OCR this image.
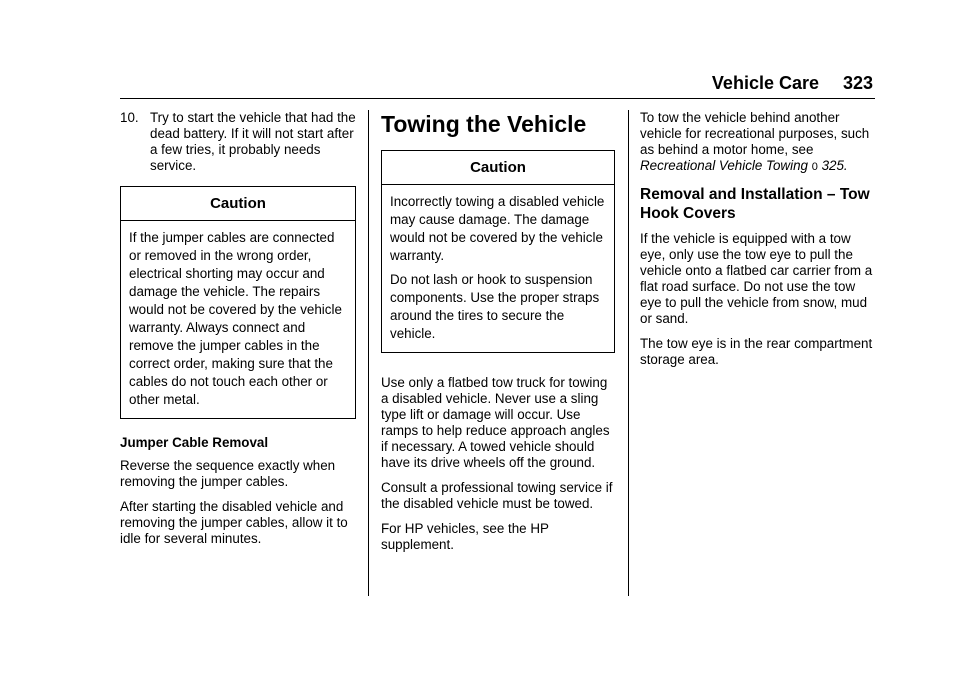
Vehicle Care 323
10. Try to start the vehicle that had the dead battery. If it will not start after a few tries, it probably needs service.
Caution

If the jumper cables are connected or removed in the wrong order, electrical shorting may occur and damage the vehicle. The repairs would not be covered by the vehicle warranty. Always connect and remove the jumper cables in the correct order, making sure that the cables do not touch each other or other metal.

Jumper Cable Removal

Reverse the sequence exactly when removing the jumper cables.

After starting the disabled vehicle and removing the jumper cables, allow it to idle for several minutes.

Towing the Vehicle
Caution

Incorrectly towing a disabled vehicle may cause damage. The damage would not be covered by the vehicle warranty.

Do not lash or hook to suspension components. Use the proper straps around the tires to secure the vehicle.

Use only a flatbed tow truck for towing a disabled vehicle. Never use a sling type lift or damage will occur. Use ramps to help reduce approach angles if necessary. A towed vehicle should have its drive wheels off the ground.

Consult a professional towing service if the disabled vehicle must be towed.

For HP vehicles, see the HP supplement.

To tow the vehicle behind another vehicle for recreational purposes, such as behind a motor home, see Recreational Vehicle Towing 0 325.

Removal and Installation – Tow Hook Covers

If the vehicle is equipped with a tow eye, only use the tow eye to pull the vehicle onto a flatbed car carrier from a flat road surface. Do not use the tow eye to pull the vehicle from snow, mud or sand.

The tow eye is in the rear compartment storage area.
